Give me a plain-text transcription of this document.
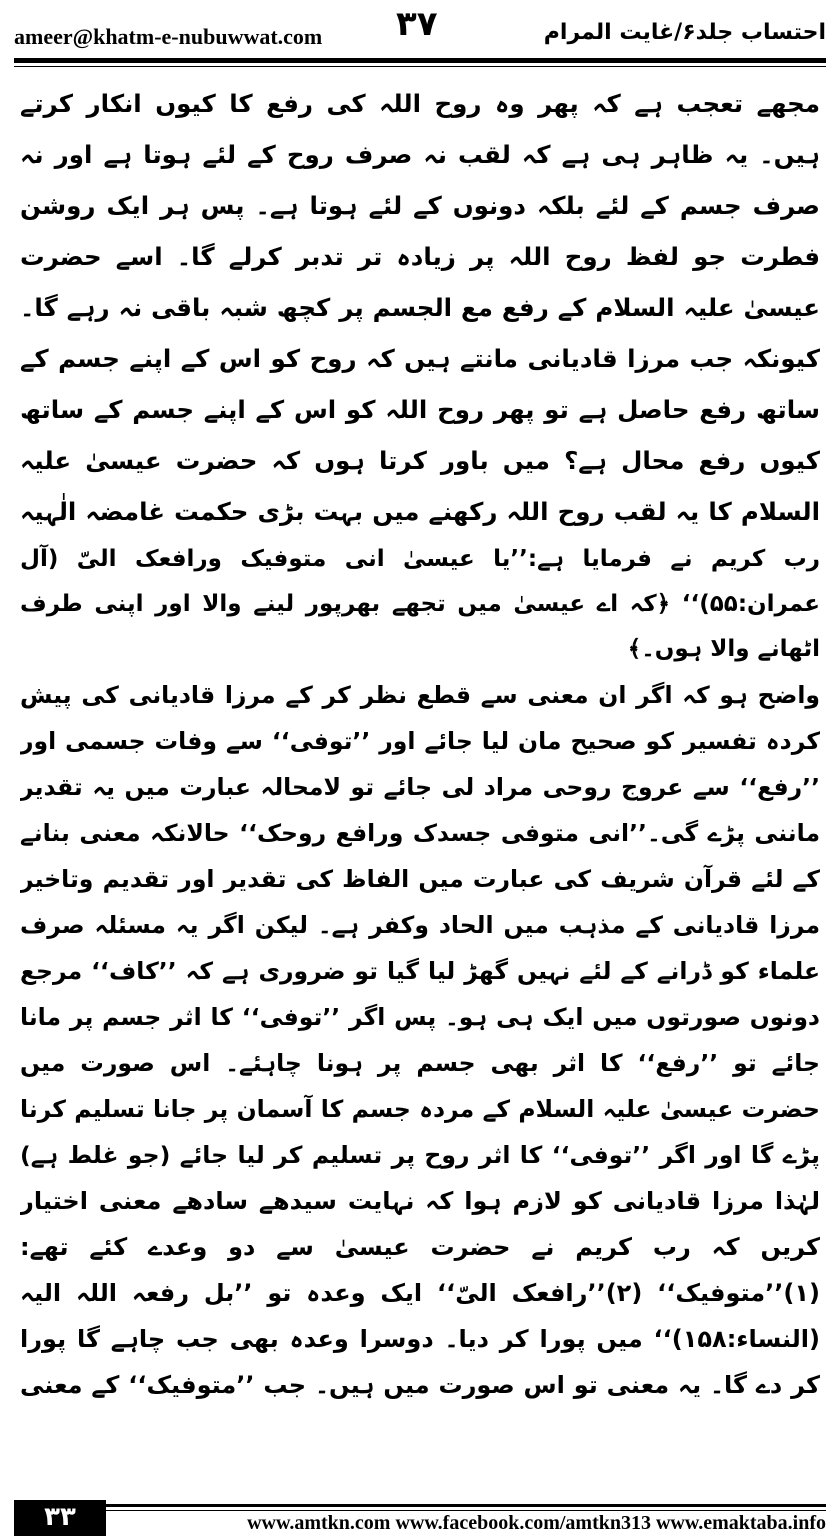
ameer@khatm-e-nubuwwat.com ۳۷	احتساب جلد۶/غایت المرام

مجھے تعجب ہے کہ پھر وہ روح اللہ کی رفع کا کیوں انکار کرتے ہیں۔ یہ ظاہر ہی ہے کہ لقب نہ صرف روح کے لئے ہوتا ہے اور نہ صرف جسم کے لئے بلکہ دونوں کے لئے ہوتا ہے۔ پس ہر ایک روشن فطرت جو لفظ روح اللہ پر زیادہ تر تدبر کرلے گا۔ اسے حضرت عیسیٰ علیہ السلام کے رفع مع الجسم پر کچھ شبہ باقی نہ رہے گا۔ کیونکہ جب مرزا قادیانی مانتے ہیں کہ روح کو اس کے اپنے جسم کے ساتھ رفع حاصل ہے تو پھر روح اللہ کو اس کے اپنے جسم کے ساتھ کیوں رفع محال ہے؟ میں باور کرتا ہوں کہ حضرت عیسیٰ علیہ السلام کا یہ لقب روح اللہ رکھنے میں بہت بڑی حکمت غامضہ الٰہیہ

رب کریم نے فرمایا ہے:’’یا عیسیٰ انی متوفیک ورافعک الیّ (آل عمران:۵۵)‘‘ ﴿کہ اے عیسیٰ میں تجھے بھرپور لینے والا اور اپنی طرف اٹھانے والا ہوں۔﴾

واضح ہو کہ اگر ان معنی سے قطع نظر کر کے مرزا قادیانی کی پیش کردہ تفسیر کو صحیح مان لیا جائے اور ’’توفی‘‘ سے وفات جسمی اور ’’رفع‘‘ سے عروج روحی مراد لی جائے تو لامحالہ عبارت میں یہ تقدیر ماننی پڑے گی۔’’انی متوفی جسدک ورافع روحک‘‘ حالانکہ معنی بنانے کے لئے قرآن شریف کی عبارت میں الفاظ کی تقدیر اور تقدیم وتاخیر مرزا قادیانی کے مذہب میں الحاد وکفر ہے۔ لیکن اگر یہ مسئلہ صرف علماء کو ڈرانے کے لئے نہیں گھڑ لیا گیا تو ضروری ہے کہ ’’کاف‘‘ مرجع دونوں صورتوں میں ایک ہی ہو۔ پس اگر ’’توفی‘‘ کا اثر جسم پر مانا جائے تو ’’رفع‘‘ کا اثر بھی جسم پر ہونا چاہئے۔ اس صورت میں حضرت عیسیٰ علیہ السلام کے مردہ جسم کا آسمان پر جانا تسلیم کرنا پڑے گا اور اگر ’’توفی‘‘ کا اثر روح پر تسلیم کر لیا جائے (جو غلط ہے)

لہٰذا مرزا قادیانی کو لازم ہوا کہ نہایت سیدھے سادھے معنی اختیار کریں کہ رب کریم نے حضرت عیسیٰ سے دو وعدے کئے تھے: (۱)’’متوفیک‘‘ (۲)’’رافعک الیّ‘‘ ایک وعدہ تو ’’بل رفعہ اللہ الیہ (النساء:۱۵۸)‘‘ میں پورا کر دیا۔ دوسرا وعدہ بھی جب چاہے گا پورا کر دے گا۔ یہ معنی تو اس صورت میں ہیں۔ جب ’’متوفیک‘‘ کے معنی

۳۳	www.amtkn.com www.facebook.com/amtkn313 www.emaktaba.info
